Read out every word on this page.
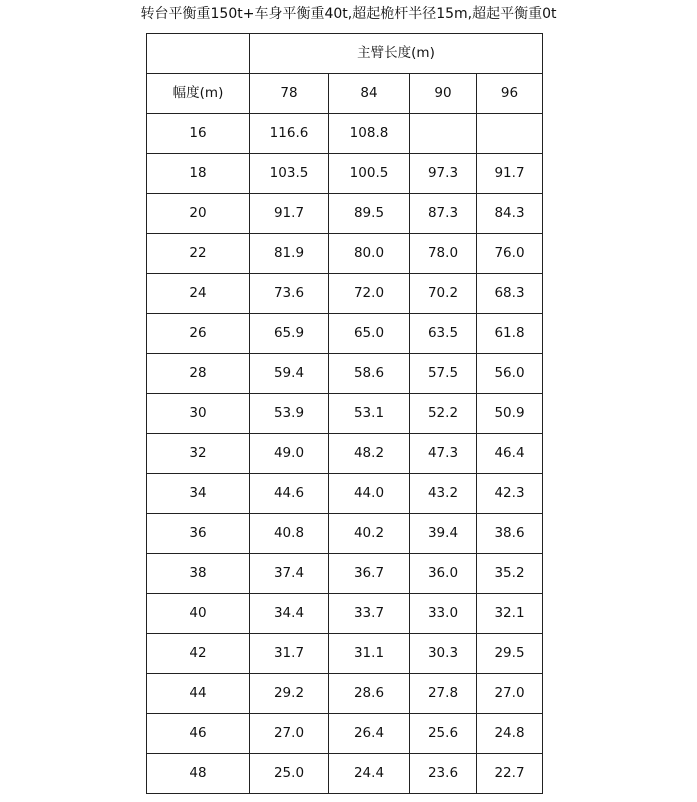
转台平衡重150t+车身平衡重40t,超起桅杆半径15m,超起平衡重0t
	主臂长度(m)			
幅度(m)	78	84	90	96
16	116.6	108.8		
18	103.5	100.5	97.3	91.7
20	91.7	89.5	87.3	84.3
22	81.9	80.0	78.0	76.0
24	73.6	72.0	70.2	68.3
26	65.9	65.0	63.5	61.8
28	59.4	58.6	57.5	56.0
30	53.9	53.1	52.2	50.9
32	49.0	48.2	47.3	46.4
34	44.6	44.0	43.2	42.3
36	40.8	40.2	39.4	38.6
38	37.4	36.7	36.0	35.2
40	34.4	33.7	33.0	32.1
42	31.7	31.1	30.3	29.5
44	29.2	28.6	27.8	27.0
46	27.0	26.4	25.6	24.8
48	25.0	24.4	23.6	22.7
